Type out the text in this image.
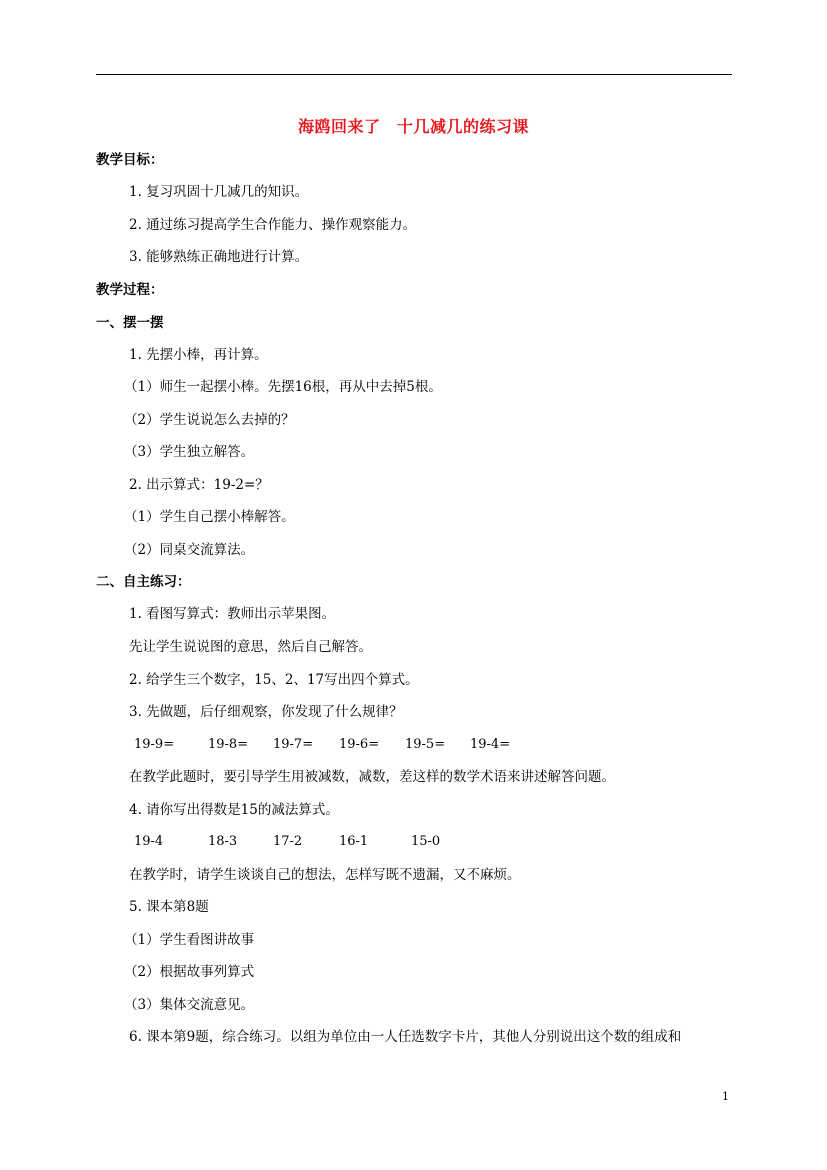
海鸥回来了　十几减几的练习课
教学目标：
1. 复习巩固十几减几的知识。
2. 通过练习提高学生合作能力、操作观察能力。
3. 能够熟练正确地进行计算。
教学过程：
一、摆一摆
1. 先摆小棒，再计算。
（1）师生一起摆小棒。先摆16根，再从中去掉5根。
（2）学生说说怎么去掉的？
（3）学生独立解答。
2. 出示算式：19-2=？
（1）学生自己摆小棒解答。
（2）同桌交流算法。
二、自主练习：
1. 看图写算式：教师出示苹果图。
先让学生说说图的意思，然后自己解答。
2. 给学生三个数字，15、2、17写出四个算式。
3. 先做题，后仔细观察，你发现了什么规律？
19-9=	19-8= 19-7= 19-6= 19-5= 19-4=
在教学此题时，要引导学生用被减数，减数，差这样的数学术语来讲述解答问题。
4. 请你写出得数是15的减法算式。
19-4	18-3	17-2	16-1	15-0
在教学时，请学生谈谈自己的想法，怎样写既不遗漏，又不麻烦。
5. 课本第8题
（1）学生看图讲故事
（2）根据故事列算式
（3）集体交流意见。
6. 课本第9题，综合练习。以组为单位由一人任选数字卡片，其他人分别说出这个数的组成和
1
